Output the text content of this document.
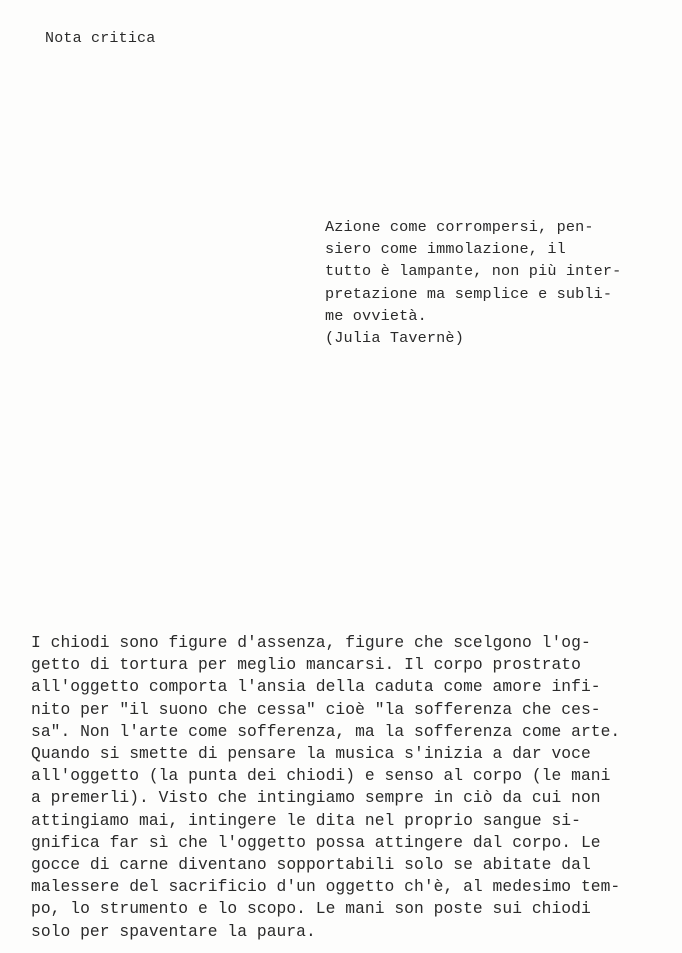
Nota critica
Azione come corrompersi, pen-
siero come immolazione, il
tutto è lampante, non più inter-
pretazione ma semplice e subli-
me ovvietà.
(Julia Tavernè)
I chiodi sono figure d'assenza, figure che scelgono l'og-
getto di tortura per meglio mancarsi. Il corpo prostrato
all'oggetto comporta l'ansia della caduta come amore infi-
nito per "il suono che cessa" cioè "la sofferenza che ces-
sa". Non l'arte come sofferenza, ma la sofferenza come arte.
Quando si smette di pensare la musica s'inizia a dar voce
all'oggetto (la punta dei chiodi) e senso al corpo (le mani
a premerli). Visto che intingiamo sempre in ciò da cui non
attingiamo mai, intingere le dita nel proprio sangue si-
gnifica far sì che l'oggetto possa attingere dal corpo. Le
gocce di carne diventano sopportabili solo se abitate dal
malessere del sacrificio d'un oggetto ch'è, al medesimo tem-
po, lo strumento e lo scopo. Le mani son poste sui chiodi
solo per spaventare la paura.
